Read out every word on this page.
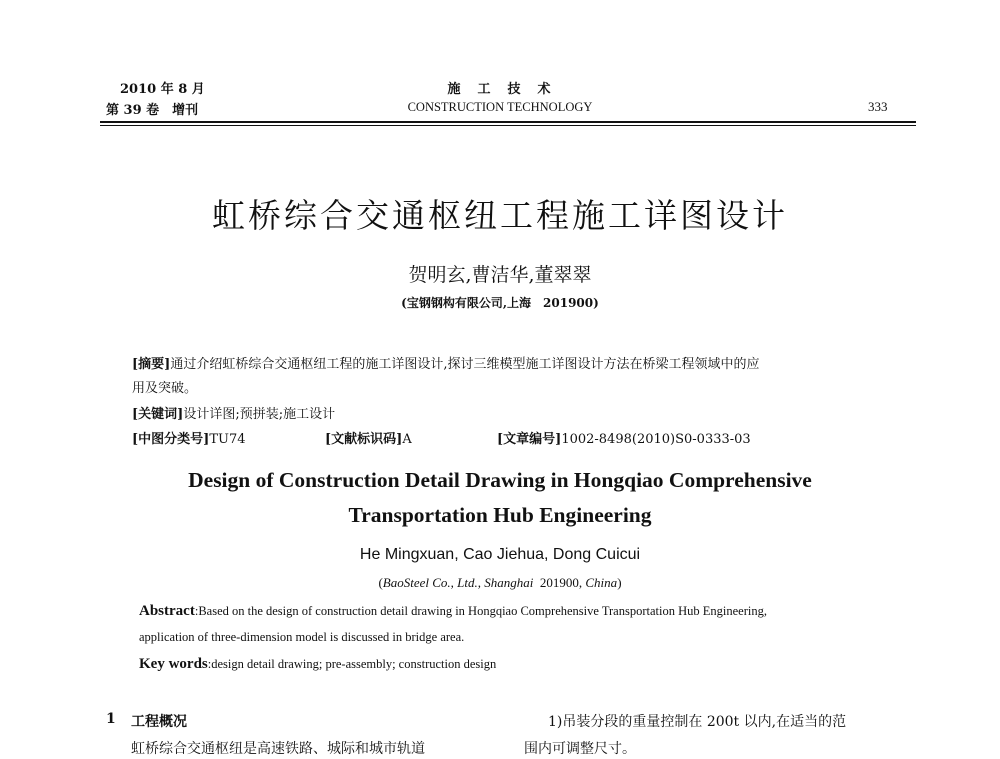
2010 年 8 月
第 39 卷　增刊
施　工　技　术
CONSTRUCTION TECHNOLOGY	333
虹桥综合交通枢纽工程施工详图设计
贺明玄,曹洁华,董翠翠
(宝钢钢构有限公司,上海　201900)
[摘要]通过介绍虹桥综合交通枢纽工程的施工详图设计,探讨三维模型施工详图设计方法在桥梁工程领域中的应
用及突破。
[关键词]设计详图;预拼装;施工设计
[中图分类号]TU74	[文献标识码]A	[文章编号]1002-8498(2010)S0-0333-03
Design of Construction Detail Drawing in Hongqiao Comprehensive
Transportation Hub Engineering
He Mingxuan, Cao Jiehua, Dong Cuicui
(BaoSteel Co., Ltd., Shanghai 201900, China)
Abstract:Based on the design of construction detail drawing in Hongqiao Comprehensive Transportation Hub Engineering,
application of three-dimension model is discussed in bridge area.
Key words:design detail drawing; pre-assembly; construction design
1 工程概况
虹桥综合交通枢纽是高速铁路、城际和城市轨道
1)吊装分段的重量控制在 200t 以内,在适当的范
围内可调整尺寸。
